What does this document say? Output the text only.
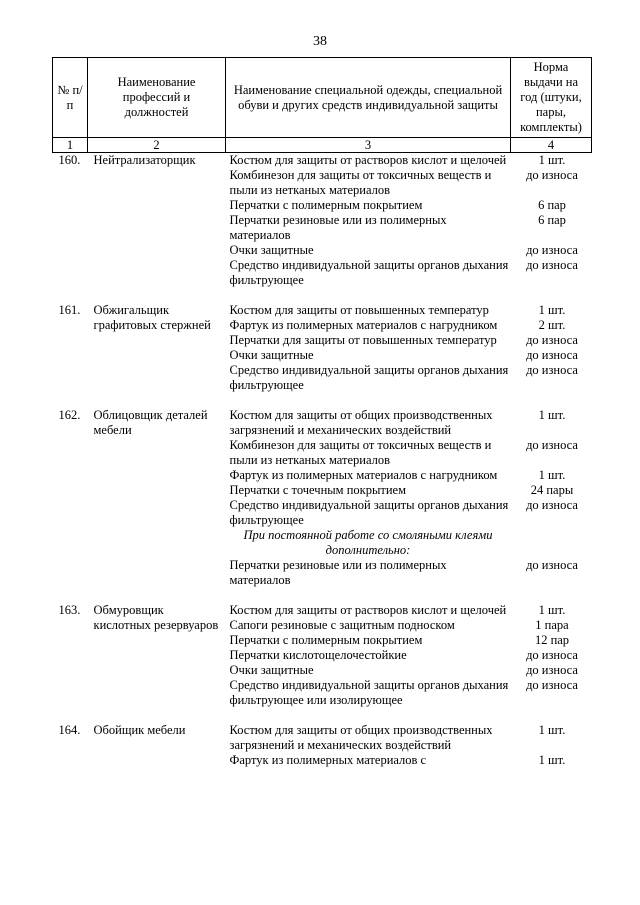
38
№ п/п	Наименование профессий и должностей	Наименование специальной одежды, специальной обуви и других средств индивидуальной защиты	Норма выдачи на год (штуки, пары, комплекты)
1	2	3	4
160.	Нейтрализаторщик	Костюм для защиты от растворов кислот и щелочей	1 шт.
		Комбинезон для защиты от токсичных веществ и пыли из нетканых материалов	до износа
		Перчатки с полимерным покрытием	6 пар
		Перчатки резиновые или из полимерных материалов	6 пар
		Очки защитные	до износа
		Средство индивидуальной защиты органов дыхания фильтрующее	до износа

161.	Обжигальщик графитовых стержней	Костюм для защиты от повышенных температур	1 шт.
		Фартук из полимерных материалов с нагрудником	2 шт.
		Перчатки для защиты от повышенных температур	до износа
		Очки защитные	до износа
		Средство индивидуальной защиты органов дыхания фильтрующее	до износа

162.	Облицовщик деталей мебели	Костюм для защиты от общих производственных загрязнений и механических воздействий	1 шт.
		Комбинезон для защиты от токсичных веществ и пыли из нетканых материалов	до износа
		Фартук из полимерных материалов с нагрудником	1 шт.
		Перчатки с точечным покрытием	24 пары
		Средство индивидуальной защиты органов дыхания фильтрующее	до износа
		При постоянной работе со смоляными клеями дополнительно:	
		Перчатки резиновые или из полимерных материалов	до износа

163.	Обмуровщик кислотных резервуаров	Костюм для защиты от растворов кислот и щелочей	1 шт.
		Сапоги резиновые с защитным подноском	1 пара
		Перчатки с полимерным покрытием	12 пар
		Перчатки кислотощелочестойкие	до износа
		Очки защитные	до износа
		Средство индивидуальной защиты органов дыхания фильтрующее или изолирующее	до износа

164.	Обойщик мебели	Костюм для защиты от общих производственных загрязнений и механических воздействий	1 шт.
		Фартук из полимерных материалов с	1 шт.
